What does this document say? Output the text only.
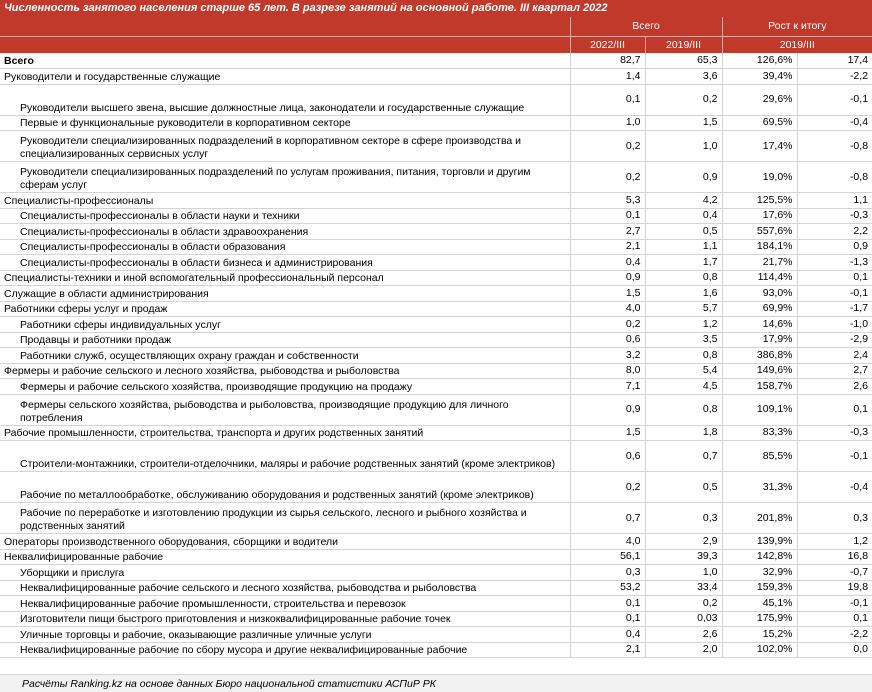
Численность занятого населения старше 65 лет. В разрезе занятий на основной работе. III квартал 2022
	Всего		Рост к итогу	
	2022/III	2019/III	2019/III	
Всего	82,7	65,3	126,6%	17,4
Руководители и государственные служащие	1,4	3,6	39,4%	-2,2
Руководители высшего звена, высшие должностные лица, законодатели и государственные служащие	0,1	0,2	29,6%	-0,1
Первые и функциональные руководители в корпоративном секторе	1,0	1,5	69,5%	-0,4
Руководители специализированных подразделений в корпоративном секторе в сфере производства и специализированных сервисных услуг	0,2	1,0	17,4%	-0,8
Руководители специализированных подразделений по услугам проживания, питания, торговли и другим сферам услуг	0,2	0,9	19,0%	-0,8
Специалисты-профессионалы	5,3	4,2	125,5%	1,1
Специалисты-профессионалы в области науки и техники	0,1	0,4	17,6%	-0,3
Специалисты-профессионалы в области здравоохранения	2,7	0,5	557,6%	2,2
Специалисты-профессионалы в области образования	2,1	1,1	184,1%	0,9
Специалисты-профессионалы в области бизнеса и администрирования	0,4	1,7	21,7%	-1,3
Специалисты-техники и иной вспомогательный профессиональный персонал	0,9	0,8	114,4%	0,1
Служащие в области администрирования	1,5	1,6	93,0%	-0,1
Работники сферы услуг и продаж	4,0	5,7	69,9%	-1,7
Работники сферы индивидуальных услуг	0,2	1,2	14,6%	-1,0
Продавцы и работники продаж	0,6	3,5	17,9%	-2,9
Работники служб, осуществляющих охрану граждан и собственности	3,2	0,8	386,8%	2,4
Фермеры и рабочие сельского и лесного хозяйства, рыбоводства и рыболовства	8,0	5,4	149,6%	2,7
Фермеры и рабочие сельского хозяйства, производящие продукцию на продажу	7,1	4,5	158,7%	2,6
Фермеры сельского хозяйства, рыбоводства и рыболовства, производящие продукцию для личного потребления	0,9	0,8	109,1%	0,1
Рабочие промышленности, строительства, транспорта и других родственных занятий	1,5	1,8	83,3%	-0,3
Строители-монтажники, строители-отделочники, маляры и рабочие родственных занятий (кроме электриков)	0,6	0,7	85,5%	-0,1
Рабочие по металлообработке, обслуживанию оборудования и родственных занятий (кроме электриков)	0,2	0,5	31,3%	-0,4
Рабочие по переработке и изготовлению продукции из сырья сельского, лесного и рыбного хозяйства и родственных занятий	0,7	0,3	201,8%	0,3
Операторы производственного оборудования, сборщики и водители	4,0	2,9	139,9%	1,2
Неквалифицированные рабочие	56,1	39,3	142,8%	16,8
Уборщики и прислуга	0,3	1,0	32,9%	-0,7
Неквалифицированные рабочие сельского и лесного хозяйства, рыбоводства и рыболовства	53,2	33,4	159,3%	19,8
Неквалифицированные рабочие промышленности, строительства и перевозок	0,1	0,2	45,1%	-0,1
Изготовители пищи быстрого приготовления и низкоквалифицированные рабочие точек	0,1	0,03	175,9%	0,1
Уличные торговцы и рабочие, оказывающие различные уличные услуги	0,4	2,6	15,2%	-2,2
Неквалифицированные рабочие по сбору мусора и другие неквалифицированные рабочие	2,1	2,0	102,0%	0,0
Расчёты Ranking.kz на основе данных Бюро национальной статистики АСПиР РК
